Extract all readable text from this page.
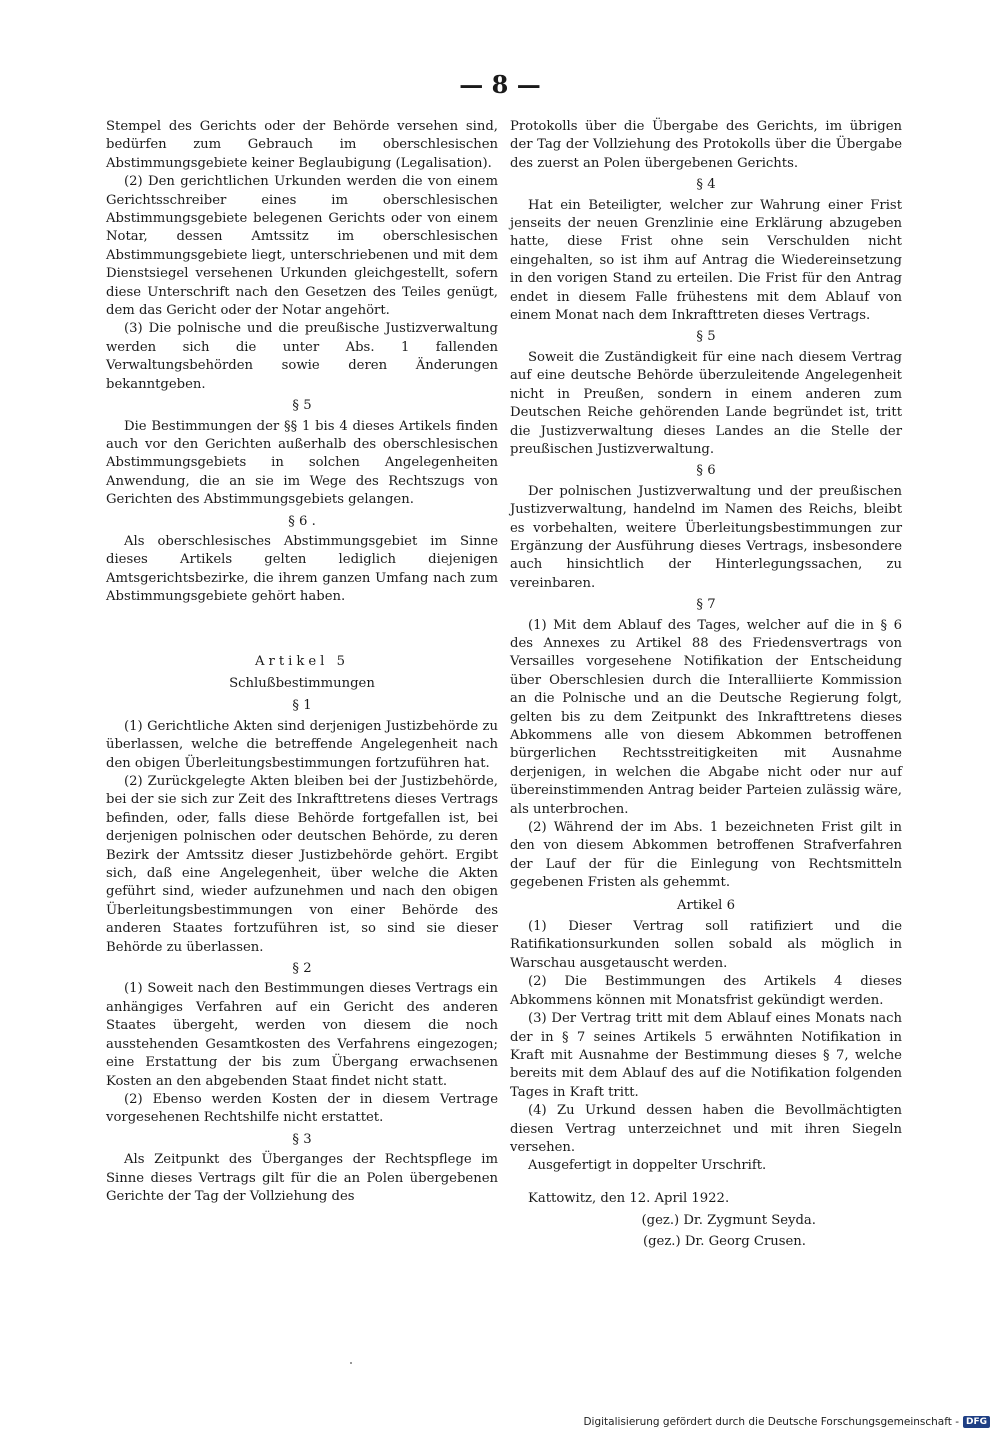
— 8 —

Stempel des Gerichts oder der Behörde versehen sind, bedürfen zum Gebrauch im oberschlesischen Abstimmungsgebiete keiner Beglaubigung (Legalisation).

(2) Den gerichtlichen Urkunden werden die von einem Gerichtsschreiber eines im oberschlesischen Abstimmungsgebiete belegenen Gerichts oder von einem Notar, dessen Amtssitz im oberschlesischen Abstimmungsgebiete liegt, unterschriebenen und mit dem Dienstsiegel versehenen Urkunden gleichgestellt, sofern diese Unterschrift nach den Gesetzen des Teiles genügt, dem das Gericht oder der Notar angehört.

(3) Die polnische und die preußische Justizverwaltung werden sich die unter Abs. 1 fallenden Verwaltungsbehörden sowie deren Änderungen bekanntgeben.

§ 5

Die Bestimmungen der §§ 1 bis 4 dieses Artikels finden auch vor den Gerichten außerhalb des oberschlesischen Abstimmungsgebiets in solchen Angelegenheiten Anwendung, die an sie im Wege des Rechtszugs von Gerichten des Abstimmungsgebiets gelangen.

§ 6 .

Als oberschlesisches Abstimmungsgebiet im Sinne dieses Artikels gelten lediglich diejenigen Amtsgerichtsbezirke, die ihrem ganzen Umfang nach zum Abstimmungsgebiete gehört haben.

Artikel 5
Schlußbestimmungen
§ 1

(1) Gerichtliche Akten sind derjenigen Justizbehörde zu überlassen, welche die betreffende Angelegenheit nach den obigen Überleitungsbestimmungen fortzuführen hat.

(2) Zurückgelegte Akten bleiben bei der Justizbehörde, bei der sie sich zur Zeit des Inkrafttretens dieses Vertrags befinden, oder, falls diese Behörde fortgefallen ist, bei derjenigen polnischen oder deutschen Behörde, zu deren Bezirk der Amtssitz dieser Justizbehörde gehört. Ergibt sich, daß eine Angelegenheit, über welche die Akten geführt sind, wieder aufzunehmen und nach den obigen Überleitungsbestimmungen von einer Behörde des anderen Staates fortzuführen ist, so sind sie dieser Behörde zu überlassen.

§ 2

(1) Soweit nach den Bestimmungen dieses Vertrags ein anhängiges Verfahren auf ein Gericht des anderen Staates übergeht, werden von diesem die noch ausstehenden Gesamtkosten des Verfahrens eingezogen; eine Erstattung der bis zum Übergang erwachsenen Kosten an den abgebenden Staat findet nicht statt.

(2) Ebenso werden Kosten der in diesem Vertrage vorgesehenen Rechtshilfe nicht erstattet.

§ 3

Als Zeitpunkt des Überganges der Rechtspflege im Sinne dieses Vertrags gilt für die an Polen übergebenen Gerichte der Tag der Vollziehung des

Protokolls über die Übergabe des Gerichts, im übrigen der Tag der Vollziehung des Protokolls über die Übergabe des zuerst an Polen übergebenen Gerichts.

§ 4

Hat ein Beteiligter, welcher zur Wahrung einer Frist jenseits der neuen Grenzlinie eine Erklärung abzugeben hatte, diese Frist ohne sein Verschulden nicht eingehalten, so ist ihm auf Antrag die Wiedereinsetzung in den vorigen Stand zu erteilen. Die Frist für den Antrag endet in diesem Falle frühestens mit dem Ablauf von einem Monat nach dem Inkrafttreten dieses Vertrags.

§ 5

Soweit die Zuständigkeit für eine nach diesem Vertrag auf eine deutsche Behörde überzuleitende Angelegenheit nicht in Preußen, sondern in einem anderen zum Deutschen Reiche gehörenden Lande begründet ist, tritt die Justizverwaltung dieses Landes an die Stelle der preußischen Justizverwaltung.

§ 6

Der polnischen Justizverwaltung und der preußischen Justizverwaltung, handelnd im Namen des Reichs, bleibt es vorbehalten, weitere Überleitungsbestimmungen zur Ergänzung der Ausführung dieses Vertrags, insbesondere auch hinsichtlich der Hinterlegungssachen, zu vereinbaren.

§ 7

(1) Mit dem Ablauf des Tages, welcher auf die in § 6 des Annexes zu Artikel 88 des Friedensvertrags von Versailles vorgesehene Notifikation der Entscheidung über Oberschlesien durch die Interalliierte Kommission an die Polnische und an die Deutsche Regierung folgt, gelten bis zu dem Zeitpunkt des Inkrafttretens dieses Abkommens alle von diesem Abkommen betroffenen bürgerlichen Rechtsstreitigkeiten mit Ausnahme derjenigen, in welchen die Abgabe nicht oder nur auf übereinstimmenden Antrag beider Parteien zulässig wäre, als unterbrochen.

(2) Während der im Abs. 1 bezeichneten Frist gilt in den von diesem Abkommen betroffenen Strafverfahren der Lauf der für die Einlegung von Rechtsmitteln gegebenen Fristen als gehemmt.

Artikel 6

(1) Dieser Vertrag soll ratifiziert und die Ratifikationsurkunden sollen sobald als möglich in Warschau ausgetauscht werden.

(2) Die Bestimmungen des Artikels 4 dieses Abkommens können mit Monatsfrist gekündigt werden.

(3) Der Vertrag tritt mit dem Ablauf eines Monats nach der in § 7 seines Artikels 5 erwähnten Notifikation in Kraft mit Ausnahme der Bestimmung dieses § 7, welche bereits mit dem Ablauf des auf die Notifikation folgenden Tages in Kraft tritt.

(4) Zu Urkund dessen haben die Bevollmächtigten diesen Vertrag unterzeichnet und mit ihren Siegeln versehen.

Ausgefertigt in doppelter Urschrift.

Kattowitz, den 12. April 1922.
(gez.) Dr. Zygmunt Seyda.
(gez.) Dr. Georg Crusen.
Digitalisierung gefördert durch die Deutsche Forschungsgemeinschaft - DFG
